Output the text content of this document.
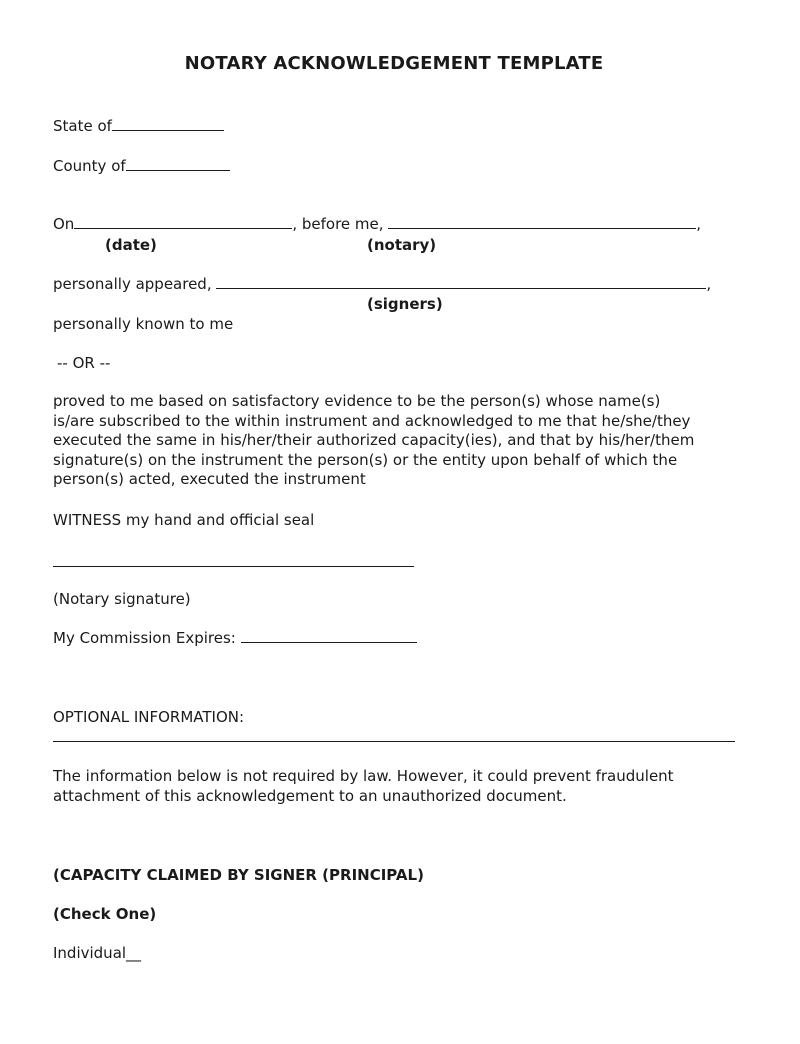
NOTARY ACKNOWLEDGEMENT TEMPLATE
State of
County of
On	, before me,	,
(date)	(notary)
personally appeared,	,
(signers)
personally known to me
-- OR --
proved to me based on satisfactory evidence to be the person(s) whose name(s)
is/are subscribed to the within instrument and acknowledged to me that he/she/they
executed the same in his/her/their authorized capacity(ies), and that by his/her/them
signature(s) on the instrument the person(s) or the entity upon behalf of which the
person(s) acted, executed the instrument
WITNESS my hand and official seal
(Notary signature)
My Commission Expires:
OPTIONAL INFORMATION:
The information below is not required by law. However, it could prevent fraudulent
attachment of this acknowledgement to an unauthorized document.
(CAPACITY CLAIMED BY SIGNER (PRINCIPAL)
(Check One)
Individual__
